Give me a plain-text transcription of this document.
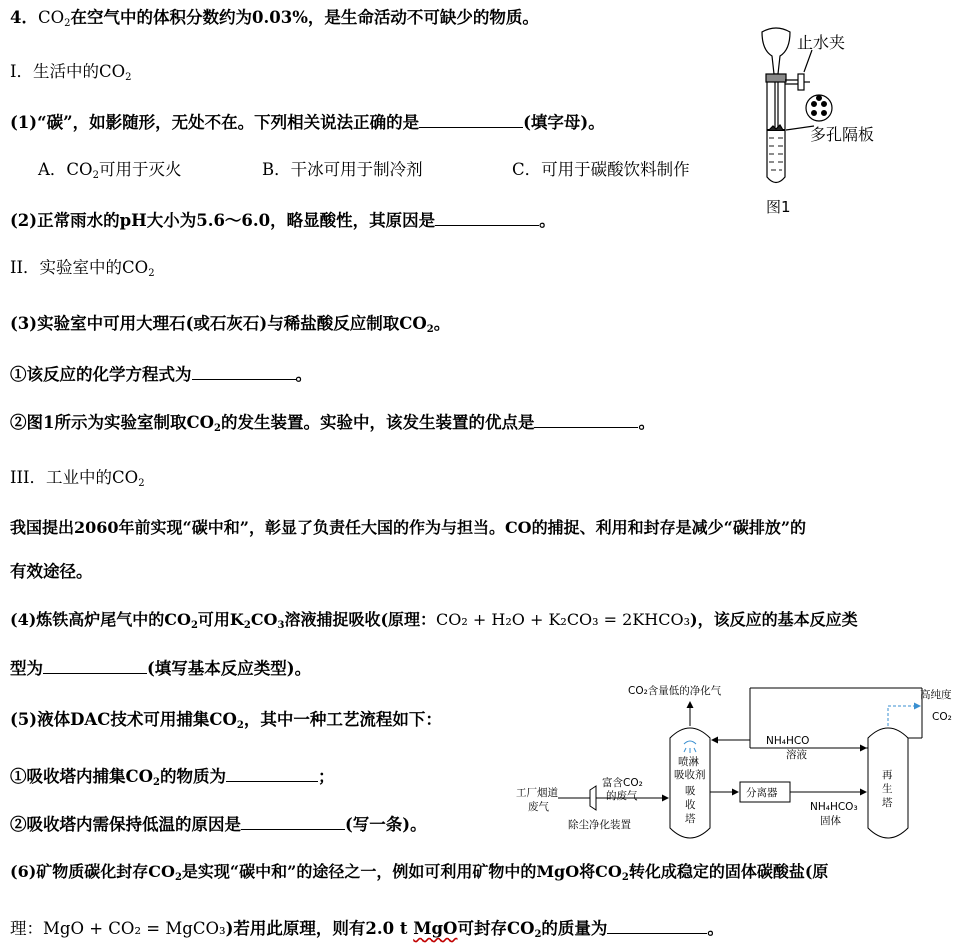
4．$CO_2$在空气中的体积分数约为0.03%，是生命活动不可缺少的物质。
I．生活中的$CO_2$
(1)“碳”，如影随形，无处不在。下列相关说法正确的是	(填字母)。
A．$CO_2$可用于灭火	B．干冰可用于制冷剂	C．可用于碳酸饮料制作
(2)正常雨水的pH大小为5.6～6.0，略显酸性，其原因是	。
II．实验室中的$CO_2$
(3)实验室中可用大理石(或石灰石)与稀盐酸反应制取$CO_2$。
①该反应的化学方程式为	。
②图1所示为实验室制取$CO_2$的发生装置。实验中，该发生装置的优点是	。
III．工业中的$CO_2$
我国提出2060年前实现“碳中和”，彰显了负责任大国的作为与担当。CO的捕捉、利用和封存是减少“碳排放”的
有效途径。
(4)炼铁高炉尾气中的$CO_2$可用$K_2CO_3$溶液捕捉吸收(原理：CO₂ + H₂O + K₂CO₃ = 2KHCO₃)，该反应的基本反应类
型为	(填写基本反应类型)。
(5)液体DAC技术可用捕集$CO_2$，其中一种工艺流程如下：
①吸收塔内捕集$CO_2$的物质为	；
②吸收塔内需保持低温的原因是	(写一条)。
(6)矿物质碳化封存$CO_2$是实现“碳中和”的途径之一，例如可利用矿物中的MgO将$CO_2$转化成稳定的固体碳酸盐(原
理：MgO + CO₂ = MgCO₃)若用此原理，则有2.0 t MgO可封存$CO_2$的质量为	。
止水夹
多孔隔板
图1
CO₂含量低的净化气	高纯度
CO₂
喷淋
吸收剂
吸
收
塔
再
生
塔
NH₄HCO
溶液
分离器
NH₄HCO₃
固体
富含CO₂
的废气
工厂烟道
废气
除尘净化装置
